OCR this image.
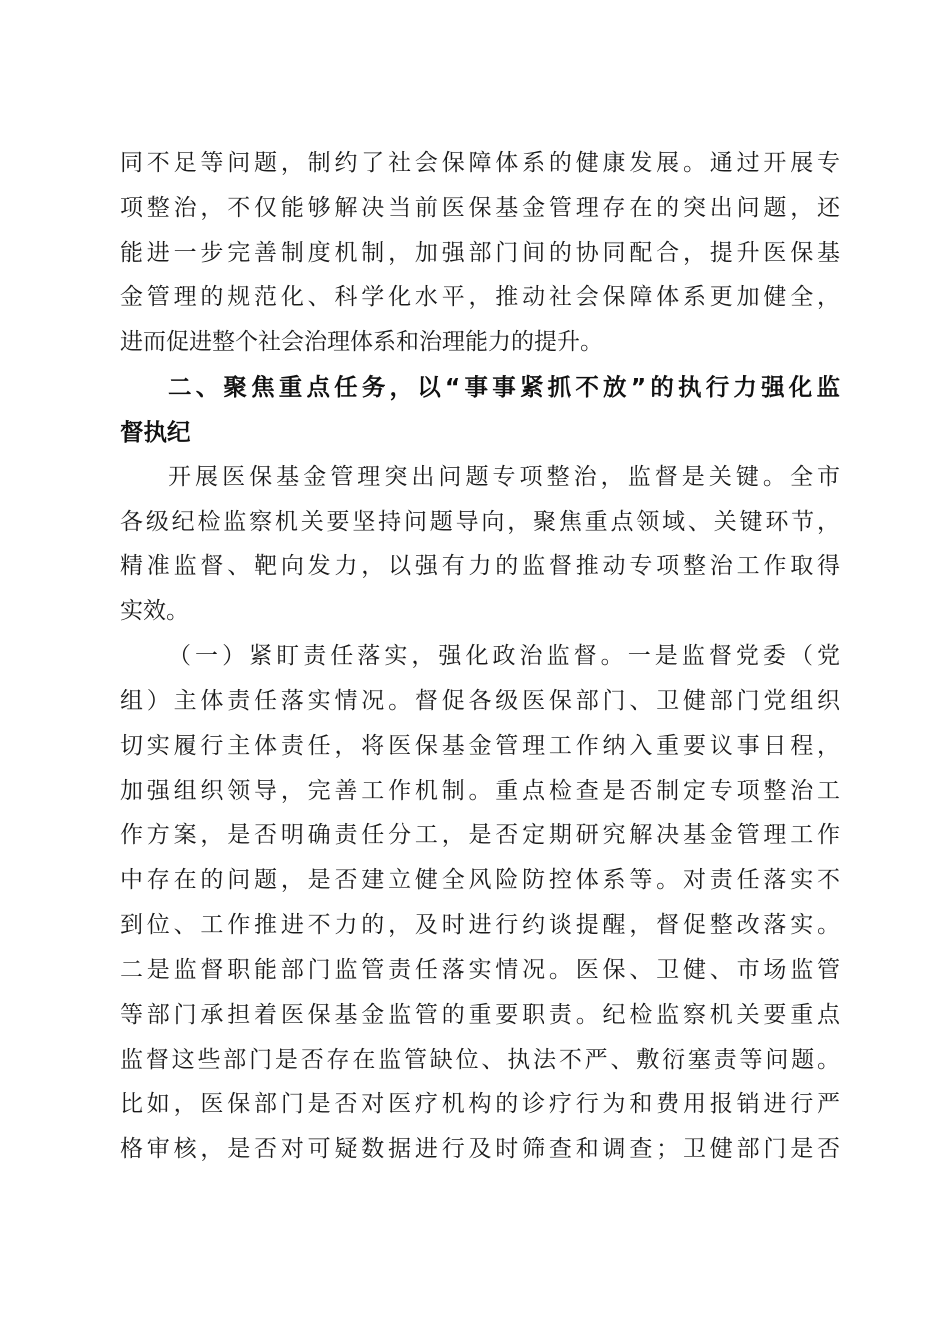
同不足等问题，制约了社会保障体系的健康发展。通过开展专
项整治，不仅能够解决当前医保基金管理存在的突出问题，还
能进一步完善制度机制，加强部门间的协同配合，提升医保基
金管理的规范化、科学化水平，推动社会保障体系更加健全，
进而促进整个社会治理体系和治理能力的提升。
二、聚焦重点任务，以“事事紧抓不放”的执行力强化监
督执纪
开展医保基金管理突出问题专项整治，监督是关键。全市
各级纪检监察机关要坚持问题导向，聚焦重点领域、关键环节，
精准监督、靶向发力，以强有力的监督推动专项整治工作取得
实效。
（一）紧盯责任落实，强化政治监督。一是监督党委（党
组）主体责任落实情况。督促各级医保部门、卫健部门党组织
切实履行主体责任，将医保基金管理工作纳入重要议事日程，
加强组织领导，完善工作机制。重点检查是否制定专项整治工
作方案，是否明确责任分工，是否定期研究解决基金管理工作
中存在的问题，是否建立健全风险防控体系等。对责任落实不
到位、工作推进不力的，及时进行约谈提醒，督促整改落实。
二是监督职能部门监管责任落实情况。医保、卫健、市场监管
等部门承担着医保基金监管的重要职责。纪检监察机关要重点
监督这些部门是否存在监管缺位、执法不严、敷衍塞责等问题。
比如，医保部门是否对医疗机构的诊疗行为和费用报销进行严
格审核，是否对可疑数据进行及时筛查和调查；卫健部门是否
